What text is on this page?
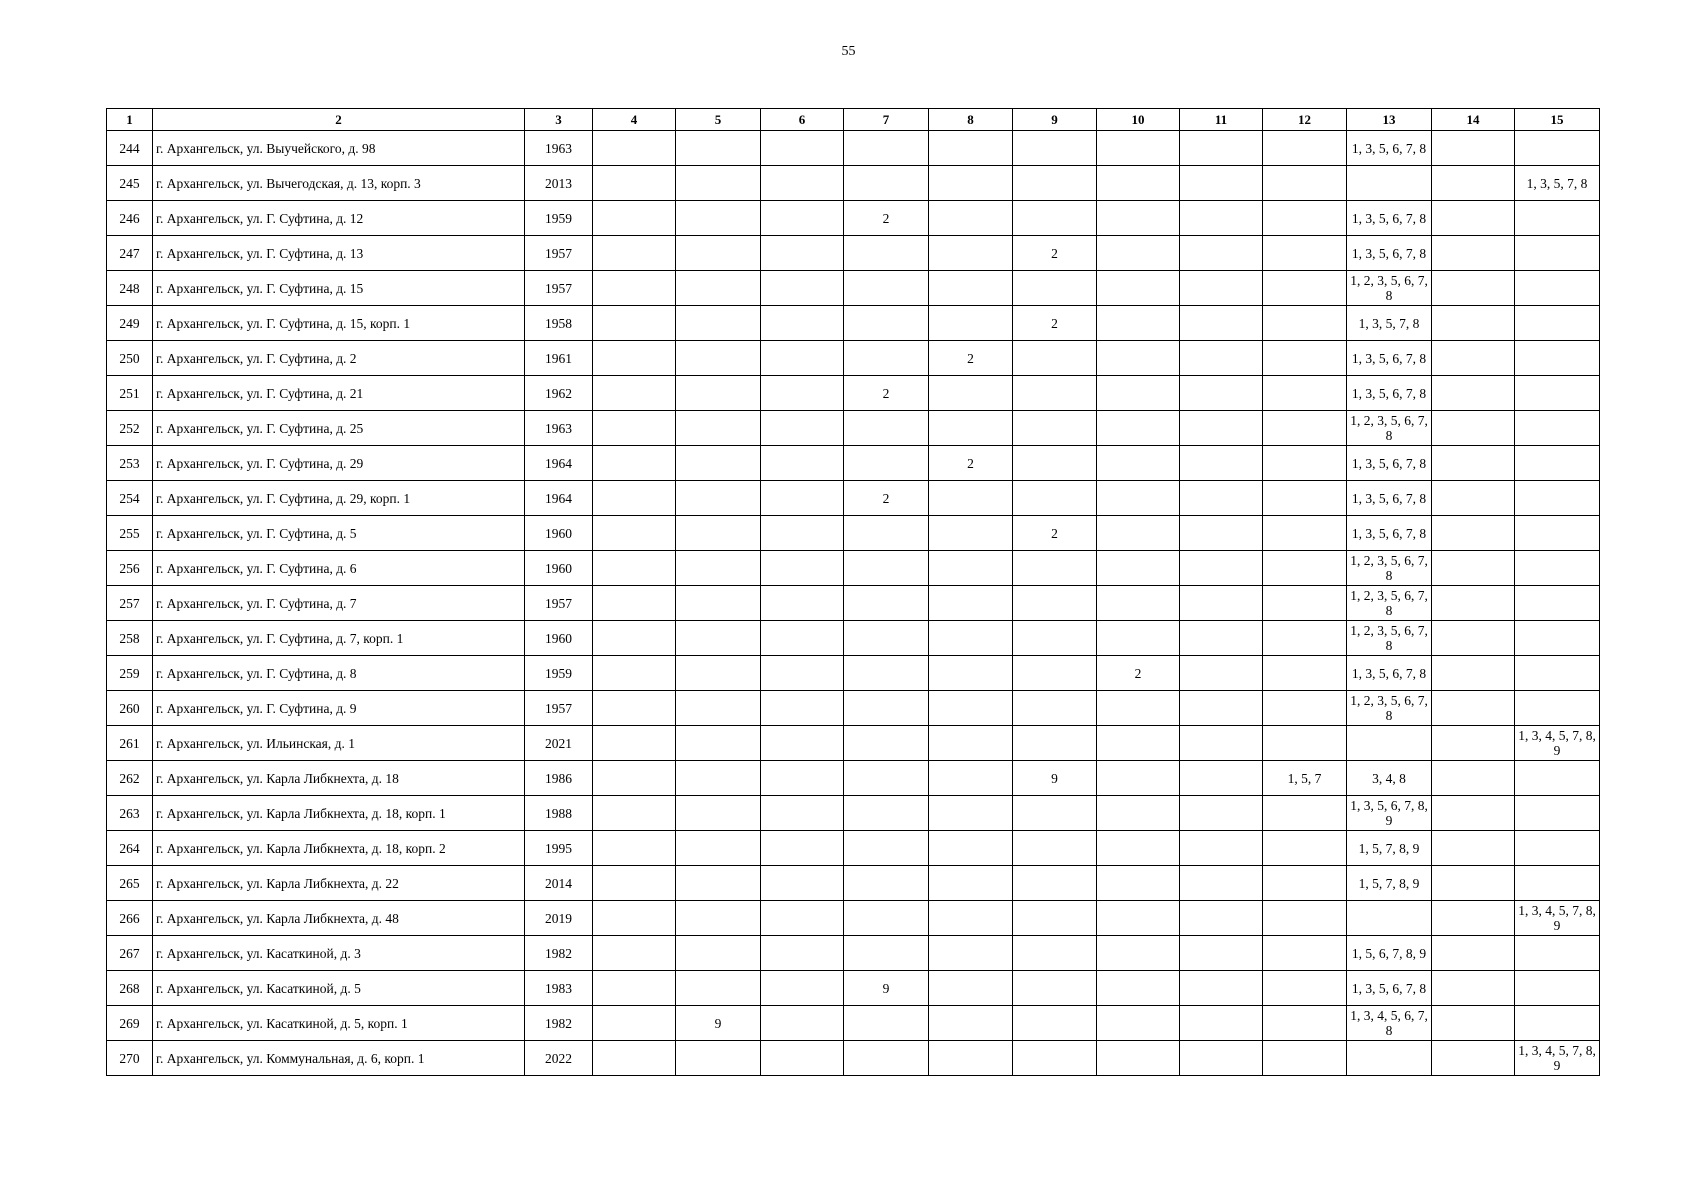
55
1	2	3	4	5	6	7	8	9	10	11	12	13	14	15
244	г. Архангельск, ул. Выучейского, д. 98	1963										1, 3, 5, 6, 7, 8		
245	г. Архангельск, ул. Вычегодская, д. 13, корп. 3	2013												1, 3, 5, 7, 8
246	г. Архангельск, ул. Г. Суфтина, д. 12	1959				2						1, 3, 5, 6, 7, 8		
247	г. Архангельск, ул. Г. Суфтина, д. 13	1957						2				1, 3, 5, 6, 7, 8		
248	г. Архангельск, ул. Г. Суфтина, д. 15	1957										1, 2, 3, 5, 6, 7, 8		
249	г. Архангельск, ул. Г. Суфтина, д. 15, корп. 1	1958						2				1, 3, 5, 7, 8		
250	г. Архангельск, ул. Г. Суфтина, д. 2	1961					2					1, 3, 5, 6, 7, 8		
251	г. Архангельск, ул. Г. Суфтина, д. 21	1962				2						1, 3, 5, 6, 7, 8		
252	г. Архангельск, ул. Г. Суфтина, д. 25	1963										1, 2, 3, 5, 6, 7, 8		
253	г. Архангельск, ул. Г. Суфтина, д. 29	1964					2					1, 3, 5, 6, 7, 8		
254	г. Архангельск, ул. Г. Суфтина, д. 29, корп. 1	1964				2						1, 3, 5, 6, 7, 8		
255	г. Архангельск, ул. Г. Суфтина, д. 5	1960						2				1, 3, 5, 6, 7, 8		
256	г. Архангельск, ул. Г. Суфтина, д. 6	1960										1, 2, 3, 5, 6, 7, 8		
257	г. Архангельск, ул. Г. Суфтина, д. 7	1957										1, 2, 3, 5, 6, 7, 8		
258	г. Архангельск, ул. Г. Суфтина, д. 7, корп. 1	1960										1, 2, 3, 5, 6, 7, 8		
259	г. Архангельск, ул. Г. Суфтина, д. 8	1959							2			1, 3, 5, 6, 7, 8		
260	г. Архангельск, ул. Г. Суфтина, д. 9	1957										1, 2, 3, 5, 6, 7, 8		
261	г. Архангельск, ул. Ильинская, д. 1	2021												1, 3, 4, 5, 7, 8, 9
262	г. Архангельск, ул. Карла Либкнехта, д. 18	1986						9			1, 5, 7	3, 4, 8		
263	г. Архангельск, ул. Карла Либкнехта, д. 18, корп. 1	1988										1, 3, 5, 6, 7, 8, 9		
264	г. Архангельск, ул. Карла Либкнехта, д. 18, корп. 2	1995										1, 5, 7, 8, 9		
265	г. Архангельск, ул. Карла Либкнехта, д. 22	2014										1, 5, 7, 8, 9		
266	г. Архангельск, ул. Карла Либкнехта, д. 48	2019												1, 3, 4, 5, 7, 8, 9
267	г. Архангельск, ул. Касаткиной, д. 3	1982										1, 5, 6, 7, 8, 9		
268	г. Архангельск, ул. Касаткиной, д. 5	1983				9						1, 3, 5, 6, 7, 8		
269	г. Архангельск, ул. Касаткиной, д. 5, корп. 1	1982		9								1, 3, 4, 5, 6, 7, 8		
270	г. Архангельск, ул. Коммунальная, д. 6, корп. 1	2022												1, 3, 4, 5, 7, 8, 9
